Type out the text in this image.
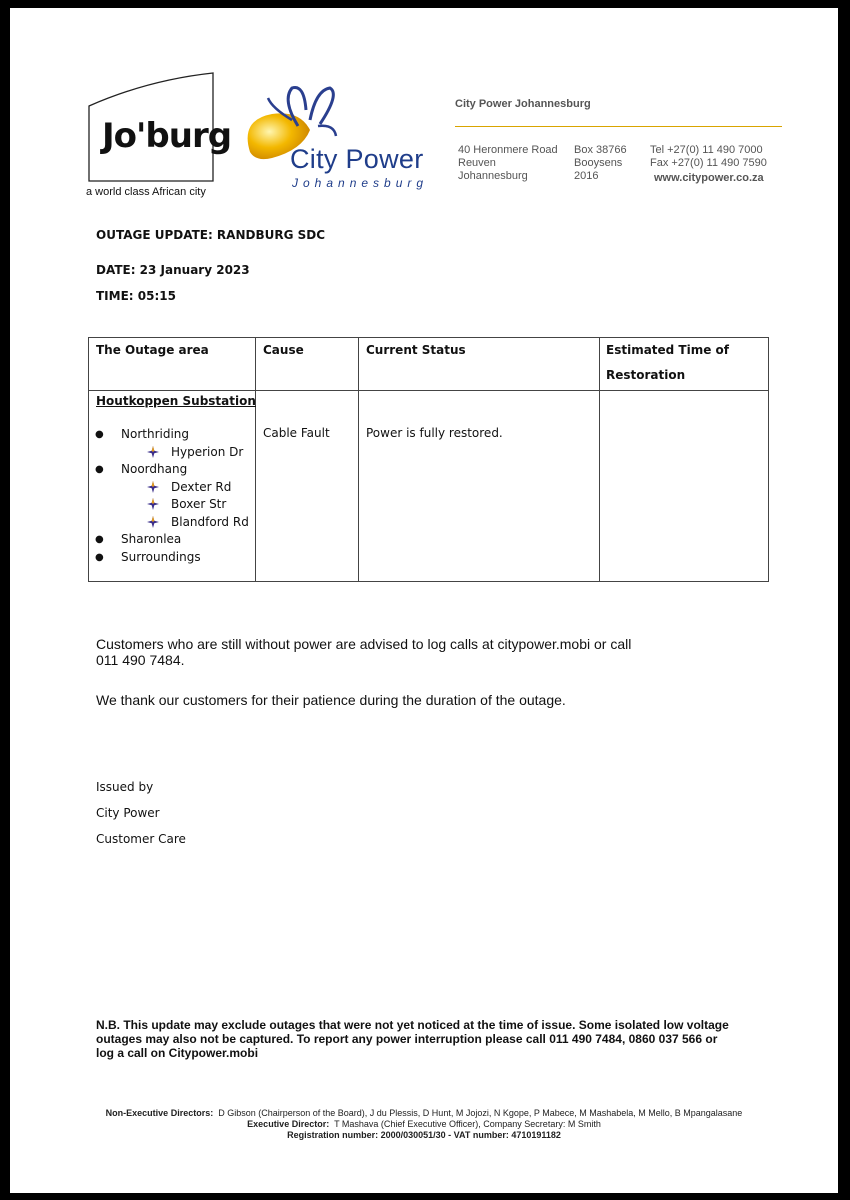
Jo'burg
a world class African city
City Power
Johannesburg
City Power Johannesburg
40 Heronmere Road
Reuven
Johannesburg
Box 38766
Booysens
2016
Tel +27(0) 11 490 7000
Fax +27(0) 11 490 7590
www.citypower.co.za
OUTAGE UPDATE: RANDBURG SDC
DATE: 23 January 2023
TIME: 05:15
The Outage area	Cause	Current Status	Estimated Time of
Restoration
Houtkoppen Substation
● Northriding
Hyperion Dr
● Noordhang
Dexter Rd
Boxer Str
Blandford Rd
● Sharonlea
● Surroundings
Cable Fault	Power is fully restored.
Customers who are still without power are advised to log calls at citypower.mobi or call
011 490 7484.
We thank our customers for their patience during the duration of the outage.
Issued by
City Power
Customer Care
N.B. This update may exclude outages that were not yet noticed at the time of issue. Some isolated low voltage
outages may also not be captured. To report any power interruption please call 011 490 7484, 0860 037 566 or
log a call on Citypower.mobi
Non-Executive Directors: D Gibson (Chairperson of the Board), J du Plessis, D Hunt, M Jojozi, N Kgope, P Mabece, M Mashabela, M Mello, B Mpangalasane
Executive Director: T Mashava (Chief Executive Officer), Company Secretary: M Smith
Registration number: 2000/030051/30 - VAT number: 4710191182
